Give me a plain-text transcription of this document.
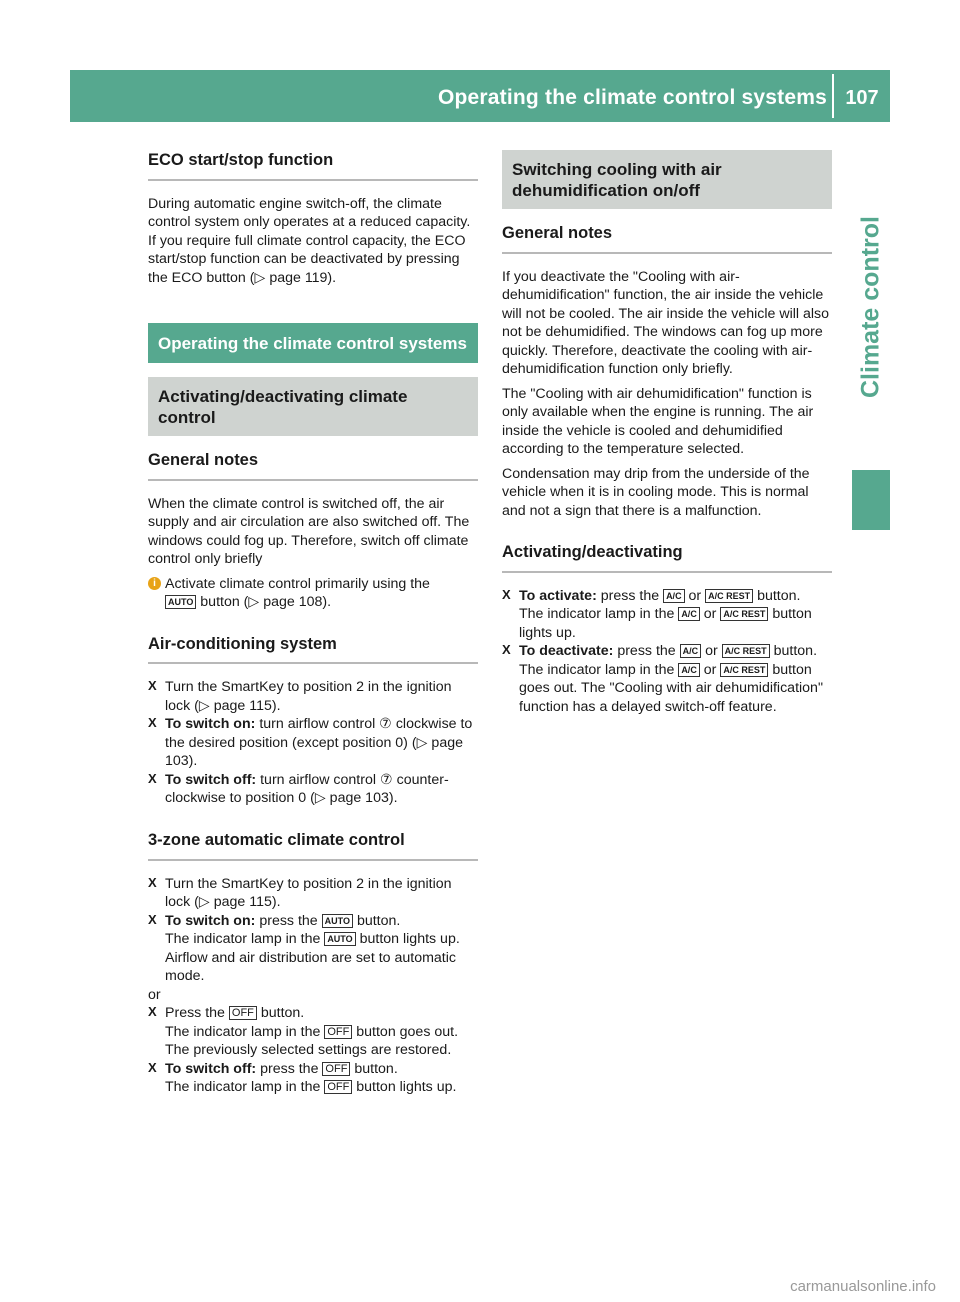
Operating the climate control systems 107
Climate control
ECO start/stop function

During automatic engine switch-off, the climate control system only operates at a reduced capacity. If you require full climate control capacity, the ECO start/stop function can be deactivated by pressing the ECO button (▷ page 119).

Operating the climate control systems
Activating/deactivating climate control
General notes

When the climate control is switched off, the air supply and air circulation are also switched off. The windows could fog up. Therefore, switch off climate control only briefly

i Activate climate control primarily using the
AUTO button (▷ page 108).

Air-conditioning system
X Turn the SmartKey to position 2 in the ignition lock (▷ page 115).

X To switch on: turn airflow control ⑦ clockwise to the desired position (except position 0) (▷ page 103).

X To switch off: turn airflow control ⑦ counter-clockwise to position 0 (▷ page 103).

3-zone automatic climate control
X Turn the SmartKey to position 2 in the ignition lock (▷ page 115).

X To switch on: press the AUTO button.
The indicator lamp in the AUTO button lights up. Airflow and air distribution are set to automatic mode.

or

X Press the OFF button.
The indicator lamp in the OFF button goes out. The previously selected settings are restored.

X To switch off: press the OFF button.
The indicator lamp in the OFF button lights up.

Switching cooling with air dehumidification on/off
General notes

If you deactivate the "Cooling with air-dehumidification" function, the air inside the vehicle will not be cooled. The air inside the vehicle will also not be dehumidified. The windows can fog up more quickly. Therefore, deactivate the cooling with air-dehumidification function only briefly.

The "Cooling with air dehumidification" function is only available when the engine is running. The air inside the vehicle is cooled and dehumidified according to the temperature selected.

Condensation may drip from the underside of the vehicle when it is in cooling mode. This is normal and not a sign that there is a malfunction.

Activating/deactivating
X To activate: press the A/C or A/C REST button.
The indicator lamp in the A/C or A/C REST button lights up.

X To deactivate: press the A/C or A/C REST button.
The indicator lamp in the A/C or A/C REST button goes out. The "Cooling with air dehumidification" function has a delayed switch-off feature.

carmanualsonline.info
